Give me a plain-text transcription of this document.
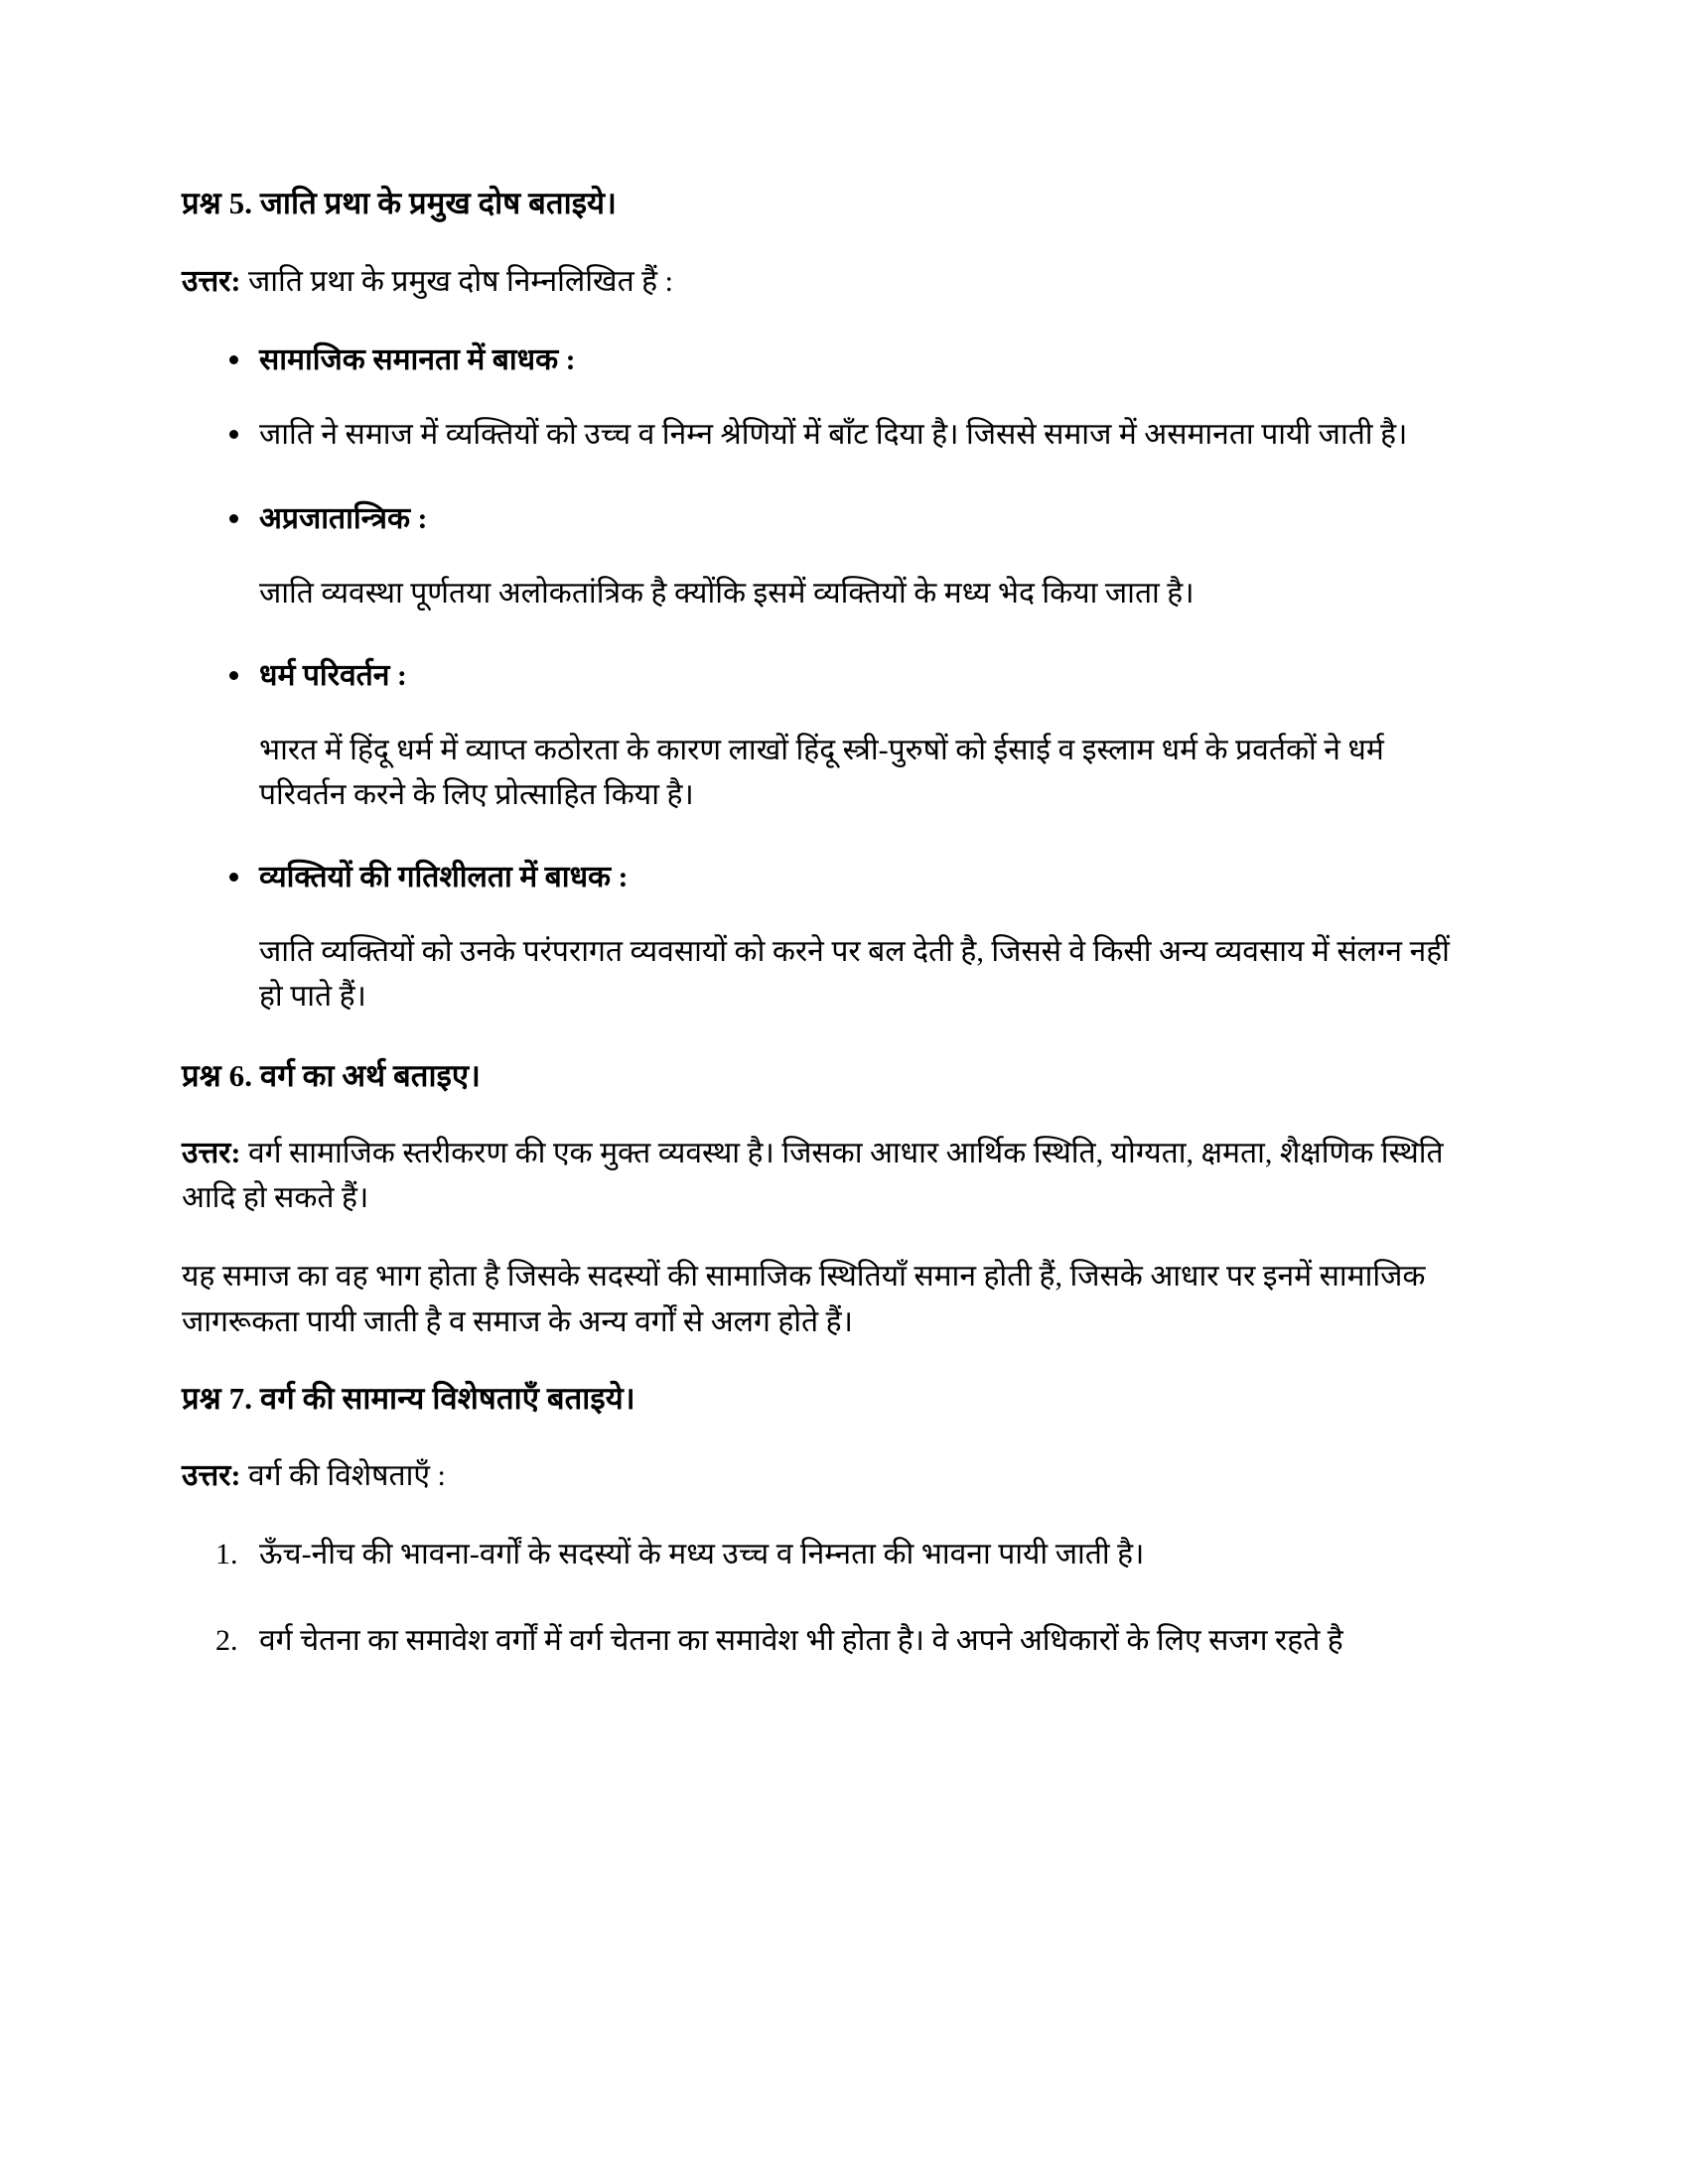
प्रश्न 5. जाति प्रथा के प्रमुख दोष बताइये।

उत्तर: जाति प्रथा के प्रमुख दोष निम्नलिखित हैं :

सामाजिक समानता में बाधक :
जाति ने समाज में व्यक्तियों को उच्च व निम्न श्रेणियों में बाँट दिया है। जिससे समाज में असमानता पायी जाती है।
अप्रजातान्त्रिक :

जाति व्यवस्था पूर्णतया अलोकतांत्रिक है क्योंकि इसमें व्यक्तियों के मध्य भेद किया जाता है।

धर्म परिवर्तन :

भारत में हिंदू धर्म में व्याप्त कठोरता के कारण लाखों हिंदू स्त्री-पुरुषों को ईसाई व इस्लाम धर्म के प्रवर्तकों ने धर्म परिवर्तन करने के लिए प्रोत्साहित किया है।

व्यक्तियों की गतिशीलता में बाधक :

जाति व्यक्तियों को उनके परंपरागत व्यवसायों को करने पर बल देती है, जिससे वे किसी अन्य व्यवसाय में संलग्न नहीं हो पाते हैं।

प्रश्न 6. वर्ग का अर्थ बताइए।

उत्तर: वर्ग सामाजिक स्तरीकरण की एक मुक्त व्यवस्था है। जिसका आधार आर्थिक स्थिति, योग्यता, क्षमता, शैक्षणिक स्थिति आदि हो सकते हैं।

यह समाज का वह भाग होता है जिसके सदस्यों की सामाजिक स्थितियाँ समान होती हैं, जिसके आधार पर इनमें सामाजिक जागरूकता पायी जाती है व समाज के अन्य वर्गों से अलग होते हैं।

प्रश्न 7. वर्ग की सामान्य विशेषताएँ बताइये।

उत्तर: वर्ग की विशेषताएँ :

ऊँच-नीच की भावना-वर्गों के सदस्यों के मध्य उच्च व निम्नता की भावना पायी जाती है।
वर्ग चेतना का समावेश वर्गों में वर्ग चेतना का समावेश भी होता है। वे अपने अधिकारों के लिए सजग रहते है
